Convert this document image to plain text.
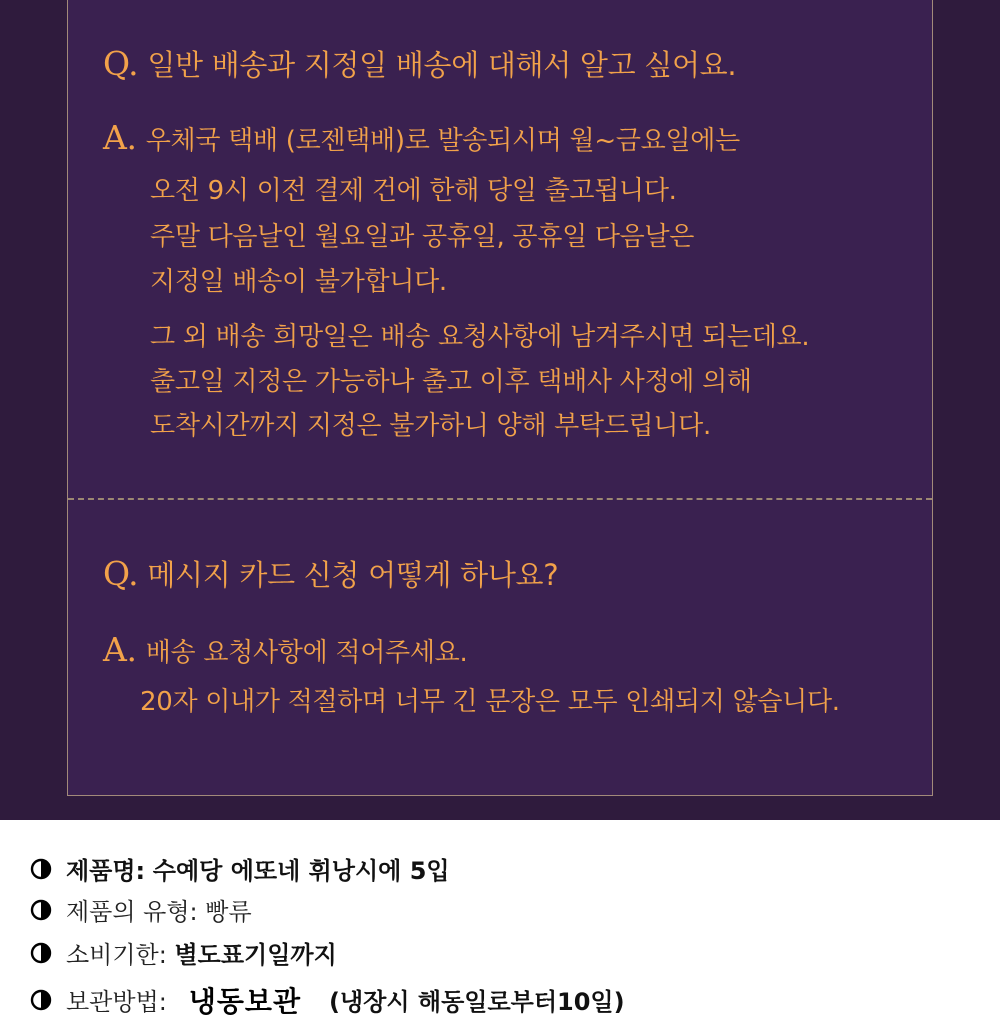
Q. 일반 배송과 지정일 배송에 대해서 알고 싶어요.
A. 우체국 택배 (로젠택배)로 발송되시며 월~금요일에는
오전 9시 이전 결제 건에 한해 당일 출고됩니다.
주말 다음날인 월요일과 공휴일, 공휴일 다음날은
지정일 배송이 불가합니다.
그 외 배송 희망일은 배송 요청사항에 남겨주시면 되는데요.
출고일 지정은 가능하나 출고 이후 택배사 사정에 의해
도착시간까지 지정은 불가하니 양해 부탁드립니다.
Q. 메시지 카드 신청 어떻게 하나요?
A. 배송 요청사항에 적어주세요.
20자 이내가 적절하며 너무 긴 문장은 모두 인쇄되지 않습니다.
제품명:
수예당 에또네 휘낭시에 5입
제품의 유형:
빵류
소비기한:
별도표기일까지
보관방법: 냉동보관 (냉장시 해동일로부터10일)
